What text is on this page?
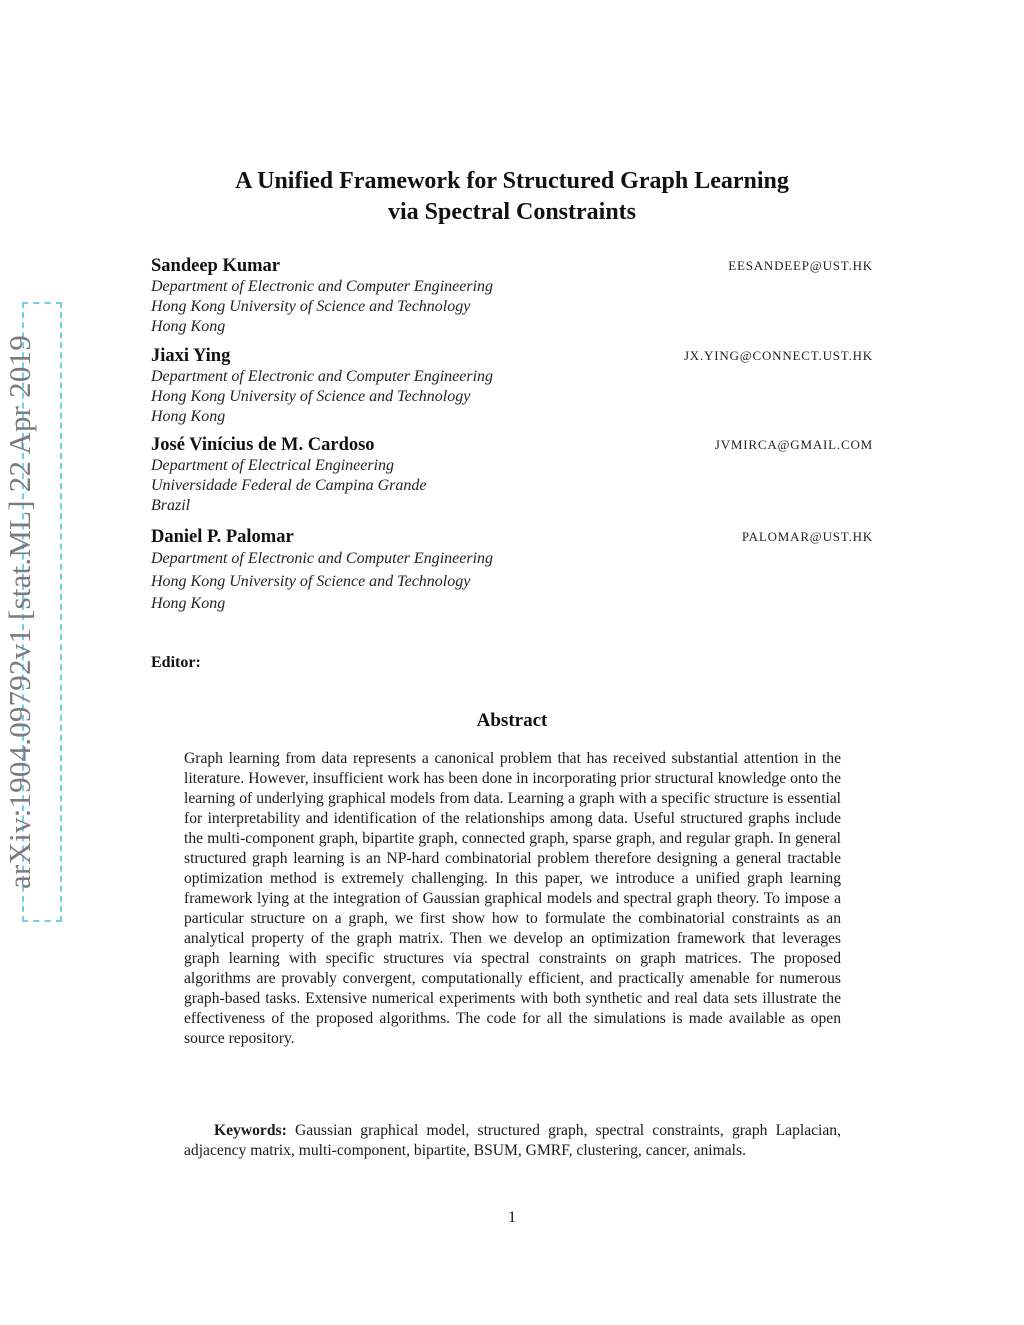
arXiv:1904.09792v1 [stat.ML] 22 Apr 2019
A Unified Framework for Structured Graph Learning
via Spectral Constraints
Sandeep Kumar	EESANDEEP@UST.HK
Department of Electronic and Computer Engineering
Hong Kong University of Science and Technology
Hong Kong
Jiaxi Ying	JX.YING@CONNECT.UST.HK
Department of Electronic and Computer Engineering
Hong Kong University of Science and Technology
Hong Kong
José Vinícius de M. Cardoso	JVMIRCA@GMAIL.COM
Department of Electrical Engineering
Universidade Federal de Campina Grande
Brazil
Daniel P. Palomar	PALOMAR@UST.HK
Department of Electronic and Computer Engineering
Hong Kong University of Science and Technology
Hong Kong
Editor:
Abstract
Graph learning from data represents a canonical problem that has received substantial attention in the literature. However, insufficient work has been done in incorporating prior structural knowledge onto the learning of underlying graphical models from data. Learning a graph with a specific structure is essential for interpretability and identification of the relationships among data. Useful structured graphs include the multi-component graph, bipartite graph, connected graph, sparse graph, and regular graph. In general structured graph learning is an NP-hard combinatorial problem therefore designing a general tractable optimization method is extremely challenging. In this paper, we introduce a unified graph learning framework lying at the integration of Gaussian graphical models and spectral graph theory. To impose a particular structure on a graph, we first show how to formulate the combinatorial constraints as an analytical property of the graph matrix. Then we develop an optimization framework that leverages graph learning with specific structures via spectral constraints on graph matrices. The proposed algorithms are provably convergent, computationally efficient, and practically amenable for numerous graph-based tasks. Extensive numerical experiments with both synthetic and real data sets illustrate the effectiveness of the proposed algorithms. The code for all the simulations is made available as open source repository.
Keywords: Gaussian graphical model, structured graph, spectral constraints, graph Laplacian, adjacency matrix, multi-component, bipartite, BSUM, GMRF, clustering, cancer, animals.
1
